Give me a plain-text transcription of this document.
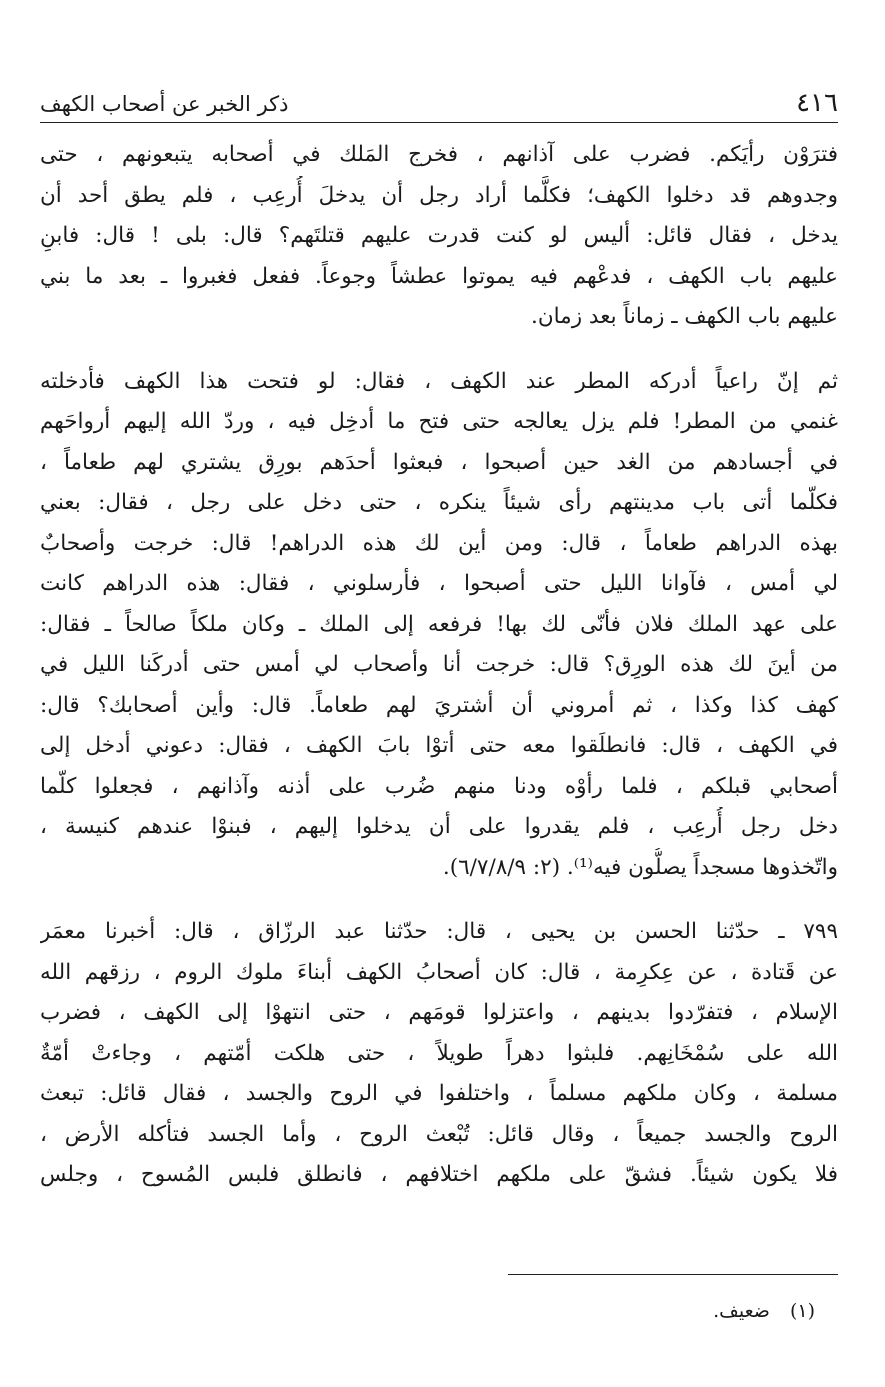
٤١٦
ذكر الخبر عن أصحاب الكهف
فترَوْن رأيَكم. فضرب على آذانهم ، فخرج المَلك في أصحابه يتبعونهم ، حتى
وجدوهم قد دخلوا الكهف؛ فكلَّما أراد رجل أن يدخلَ أُرعِب ، فلم يطق أحد أن
يدخل ، فقال قائل: أليس لو كنت قدرت عليهم قتلتَهم؟ قال: بلى ! قال: فابنِ
عليهم باب الكهف ، فدعْهم فيه يموتوا عطشاً وجوعاً. ففعل فغبروا ـ بعد ما بني
عليهم باب الكهف ـ زماناً بعد زمان.
ثم إنّ راعياً أدركه المطر عند الكهف ، فقال: لو فتحت هذا الكهف فأدخلته
غنمي من المطر! فلم يزل يعالجه حتى فتح ما أدخِل فيه ، وردّ الله إليهم أرواحَهم
في أجسادهم من الغد حين أصبحوا ، فبعثوا أحدَهم بورِق يشتري لهم طعاماً ،
فكلّما أتى باب مدينتهم رأى شيئاً ينكره ، حتى دخل على رجل ، فقال: بعني
بهذه الدراهم طعاماً ، قال: ومن أين لك هذه الدراهم! قال: خرجت وأصحابٌ
لي أمس ، فآوانا الليل حتى أصبحوا ، فأرسلوني ، فقال: هذه الدراهم كانت
على عهد الملك فلان فأنّى لك بها! فرفعه إلى الملك ـ وكان ملكاً صالحاً ـ فقال:
من أينَ لك هذه الورِق؟ قال: خرجت أنا وأصحاب لي أمس حتى أدركَنا الليل في
كهف كذا وكذا ، ثم أمروني أن أشتريَ لهم طعاماً. قال: وأين أصحابك؟ قال:
في الكهف ، قال: فانطلَقوا معه حتى أتوْا بابَ الكهف ، فقال: دعوني أدخل إلى
أصحابي قبلكم ، فلما رأوْه ودنا منهم ضُرب على أذنه وآذانهم ، فجعلوا كلّما
دخل رجل أُرعِب ، فلم يقدروا على أن يدخلوا إليهم ، فبنوْا عندهم كنيسة ،
واتّخذوها مسجداً يصلُّون فيه⁽¹⁾. (٢: ٦/٧/٨/٩).
٧٩٩ ـ حدّثنا الحسن بن يحيى ، قال: حدّثنا عبد الرزّاق ، قال: أخبرنا معمَر
عن قَتادة ، عن عِكرِمة ، قال: كان أصحابُ الكهف أبناءَ ملوك الروم ، رزقهم الله
الإسلام ، فتفرّدوا بدينهم ، واعتزلوا قومَهم ، حتى انتهوْا إلى الكهف ، فضرب
الله على سُمْخَانِهم. فلبثوا دهراً طويلاً ، حتى هلكت أمّتهم ، وجاءتْ أمّةٌ
مسلمة ، وكان ملكهم مسلماً ، واختلفوا في الروح والجسد ، فقال قائل: تبعث
الروح والجسد جميعاً ، وقال قائل: تُبْعث الروح ، وأما الجسد فتأكله الأرض ،
فلا يكون شيئاً. فشقّ على ملكهم اختلافهم ، فانطلق فلبس المُسوح ، وجلس
(١) ضعيف.
